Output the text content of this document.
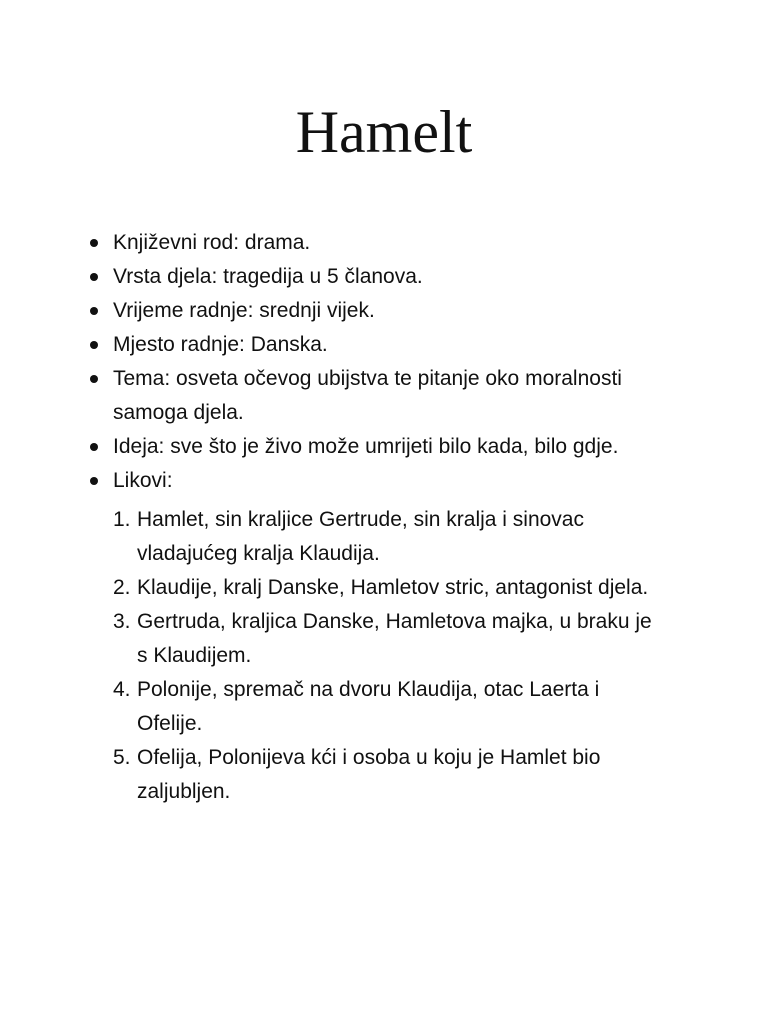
Hamelt
Književni rod: drama.
Vrsta djela: tragedija u 5 članova.
Vrijeme radnje: srednji vijek.
Mjesto radnje: Danska.
Tema: osveta očevog ubijstva te pitanje oko moralnosti samoga djela.
Ideja: sve što je živo može umrijeti bilo kada, bilo gdje.
Likovi:
1. Hamlet, sin kraljice Gertrude, sin kralja i sinovac vladajućeg kralja Klaudija.
2. Klaudije, kralj Danske, Hamletov stric, antagonist djela.
3. Gertruda, kraljica Danske, Hamletova majka, u braku je s Klaudijem.
4. Polonije, spremač na dvoru Klaudija, otac Laerta i Ofelije.
5. Ofelija, Polonijeva kći i osoba u koju je Hamlet bio zaljubljen.
